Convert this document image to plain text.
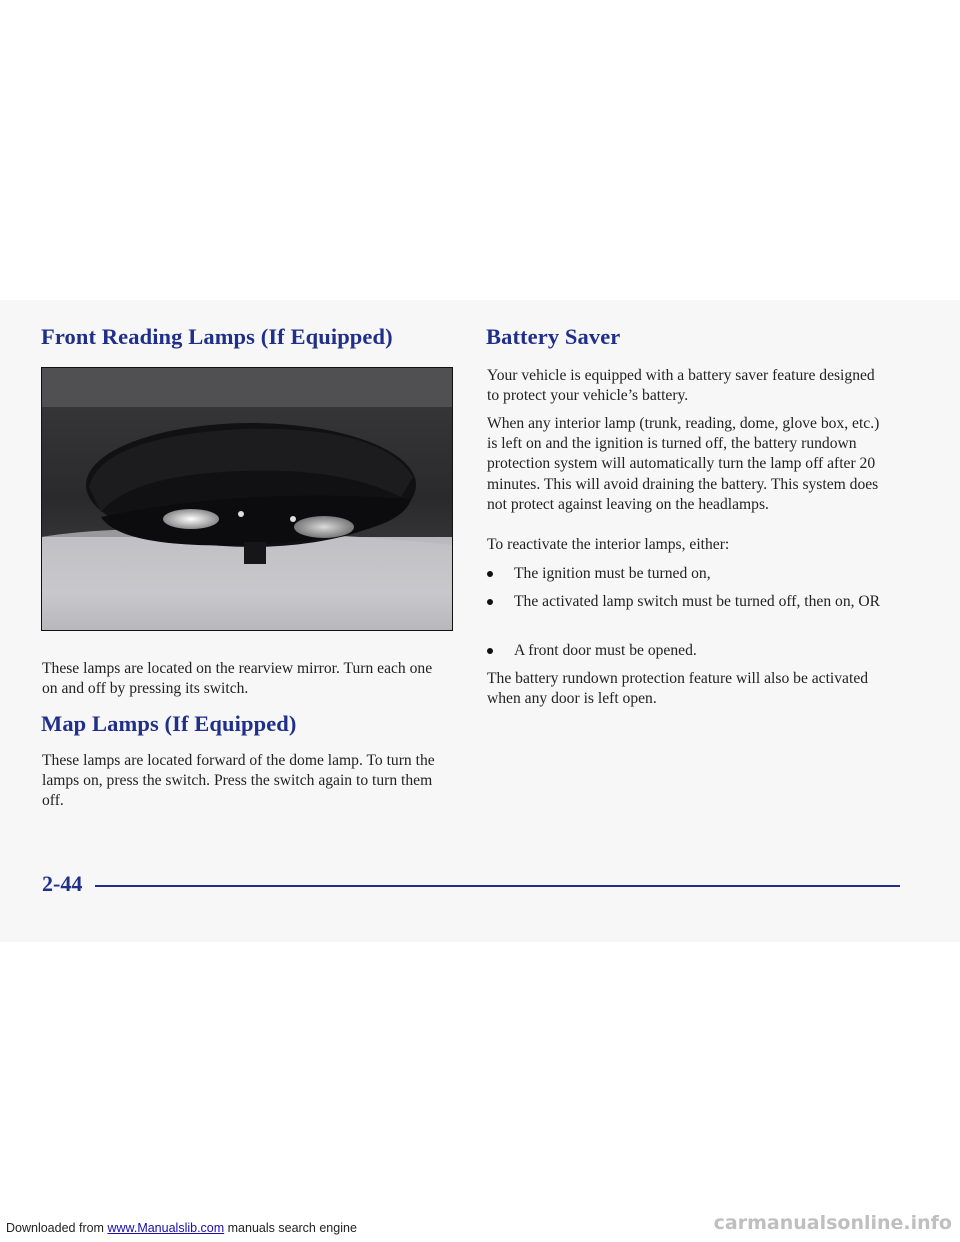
Front Reading Lamps (If Equipped)

These lamps are located on the rearview mirror. Turn each one on and off by pressing its switch.

Map Lamps (If Equipped)

These lamps are located forward of the dome lamp. To turn the lamps on, press the switch. Press the switch again to turn them off.

Battery Saver

Your vehicle is equipped with a battery saver feature designed to protect your vehicle’s battery.

When any interior lamp (trunk, reading, dome, glove box, etc.) is left on and the ignition is turned off, the battery rundown protection system will automatically turn the lamp off after 20 minutes. This will avoid draining the battery. This system does not protect against leaving on the headlamps.

To reactivate the interior lamps, either:

The ignition must be turned on,
The activated lamp switch must be turned off, then on, OR
A front door must be opened.

The battery rundown protection feature will also be activated when any door is left open.

2-44
Downloaded from www.Manualslib.com manuals search engine	carmanualsonline.info
